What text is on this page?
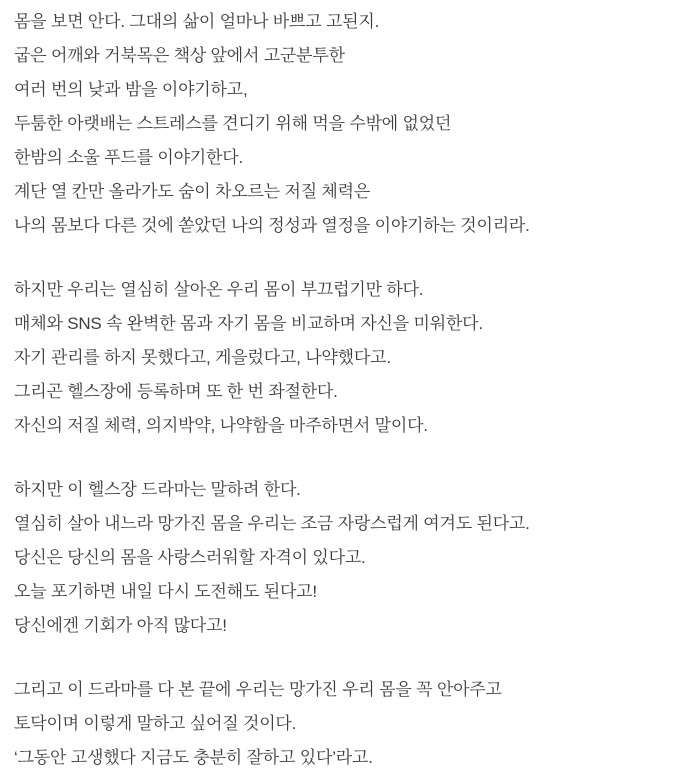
몸을 보면 안다. 그대의 삶이 얼마나 바쁘고 고된지.
굽은 어깨와 거북목은 책상 앞에서 고군분투한
여러 번의 낮과 밤을 이야기하고,
두툼한 아랫배는 스트레스를 견디기 위해 먹을 수밖에 없었던
한밤의 소울 푸드를 이야기한다.
계단 열 칸만 올라가도 숨이 차오르는 저질 체력은
나의 몸보다 다른 것에 쏟았던 나의 정성과 열정을 이야기하는 것이리라.
하지만 우리는 열심히 살아온 우리 몸이 부끄럽기만 하다.
매체와 SNS 속 완벽한 몸과 자기 몸을 비교하며 자신을 미워한다.
자기 관리를 하지 못했다고, 게을렀다고, 나약했다고.
그리곤 헬스장에 등록하며 또 한 번 좌절한다.
자신의 저질 체력, 의지박약, 나약함을 마주하면서 말이다.
하지만 이 헬스장 드라마는 말하려 한다.
열심히 살아 내느라 망가진 몸을 우리는 조금 자랑스럽게 여겨도 된다고.
당신은 당신의 몸을 사랑스러워할 자격이 있다고.
오늘 포기하면 내일 다시 도전해도 된다고!
당신에겐 기회가 아직 많다고!
그리고 이 드라마를 다 본 끝에 우리는 망가진 우리 몸을 꼭 안아주고
토닥이며 이렇게 말하고 싶어질 것이다.
‘그동안 고생했다 지금도 충분히 잘하고 있다’라고.
